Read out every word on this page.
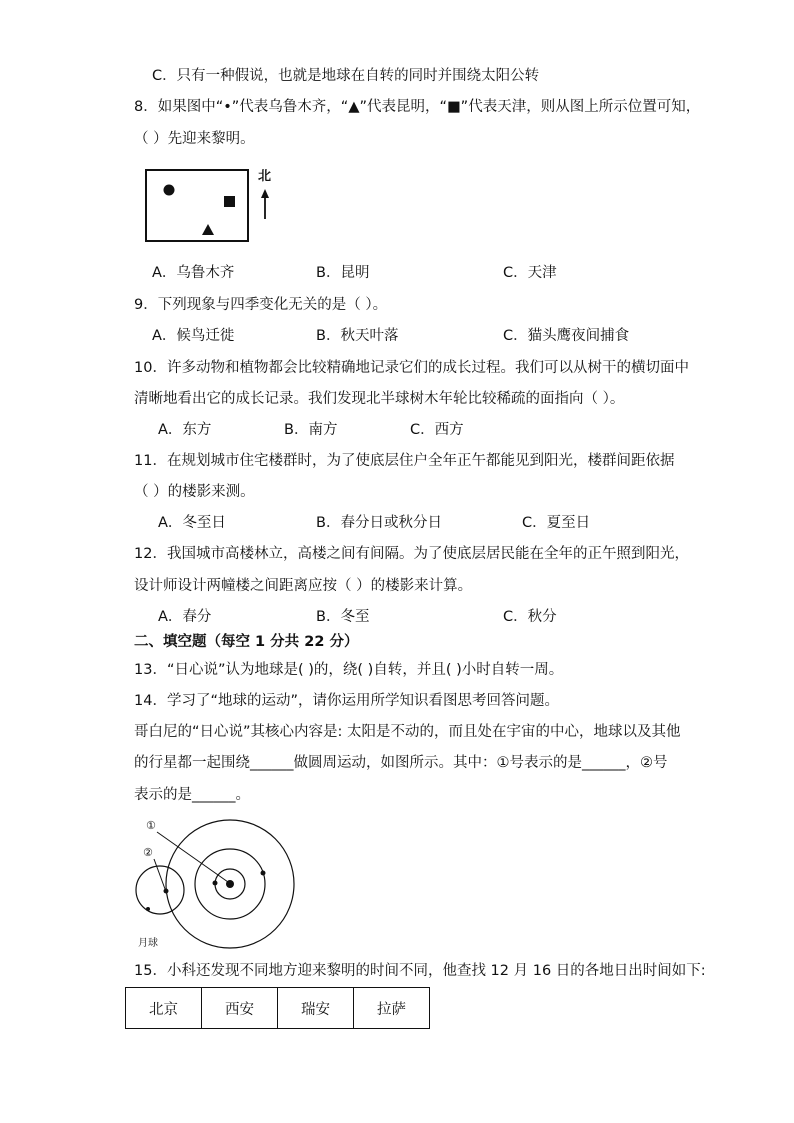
C．只有一种假说，也就是地球在自转的同时并围绕太阳公转
8．如果图中“•”代表乌鲁木齐，“▲”代表昆明，“■”代表天津，则从图上所示位置可知，
（ ）先迎来黎明。
北
A．乌鲁木齐	B．昆明	C．天津
9．下列现象与四季变化无关的是（ ）。
A．候鸟迁徙	B．秋天叶落	C．猫头鹰夜间捕食
10．许多动物和植物都会比较精确地记录它们的成长过程。我们可以从树干的横切面中
清晰地看出它的成长记录。我们发现北半球树木年轮比较稀疏的面指向（ ）。
A．东方	B．南方	C．西方
11．在规划城市住宅楼群时，为了使底层住户全年正午都能见到阳光，楼群间距依据
（ ）的楼影来测。
A．冬至日	B．春分日或秋分日	C．夏至日
12．我国城市高楼林立，高楼之间有间隔。为了使底层居民能在全年的正午照到阳光，
设计师设计两幢楼之间距离应按（ ）的楼影来计算。
A．春分	B．冬至	C．秋分
二、填空题（每空 1 分共 22 分）
13．“日心说”认为地球是( )的，绕( )自转，并且( )小时自转一周。
14．学习了“地球的运动”，请你运用所学知识看图思考回答问题。
哥白尼的“日心说”其核心内容是: 太阳是不动的，而且处在宇宙的中心，地球以及其他
的行星都一起围绕______做圆周运动，如图所示。其中：①号表示的是______，②号
表示的是______。
①
②
月球
15．小科还发现不同地方迎来黎明的时间不同，他查找 12 月 16 日的各地日出时间如下:
北京	西安	瑞安	拉萨
